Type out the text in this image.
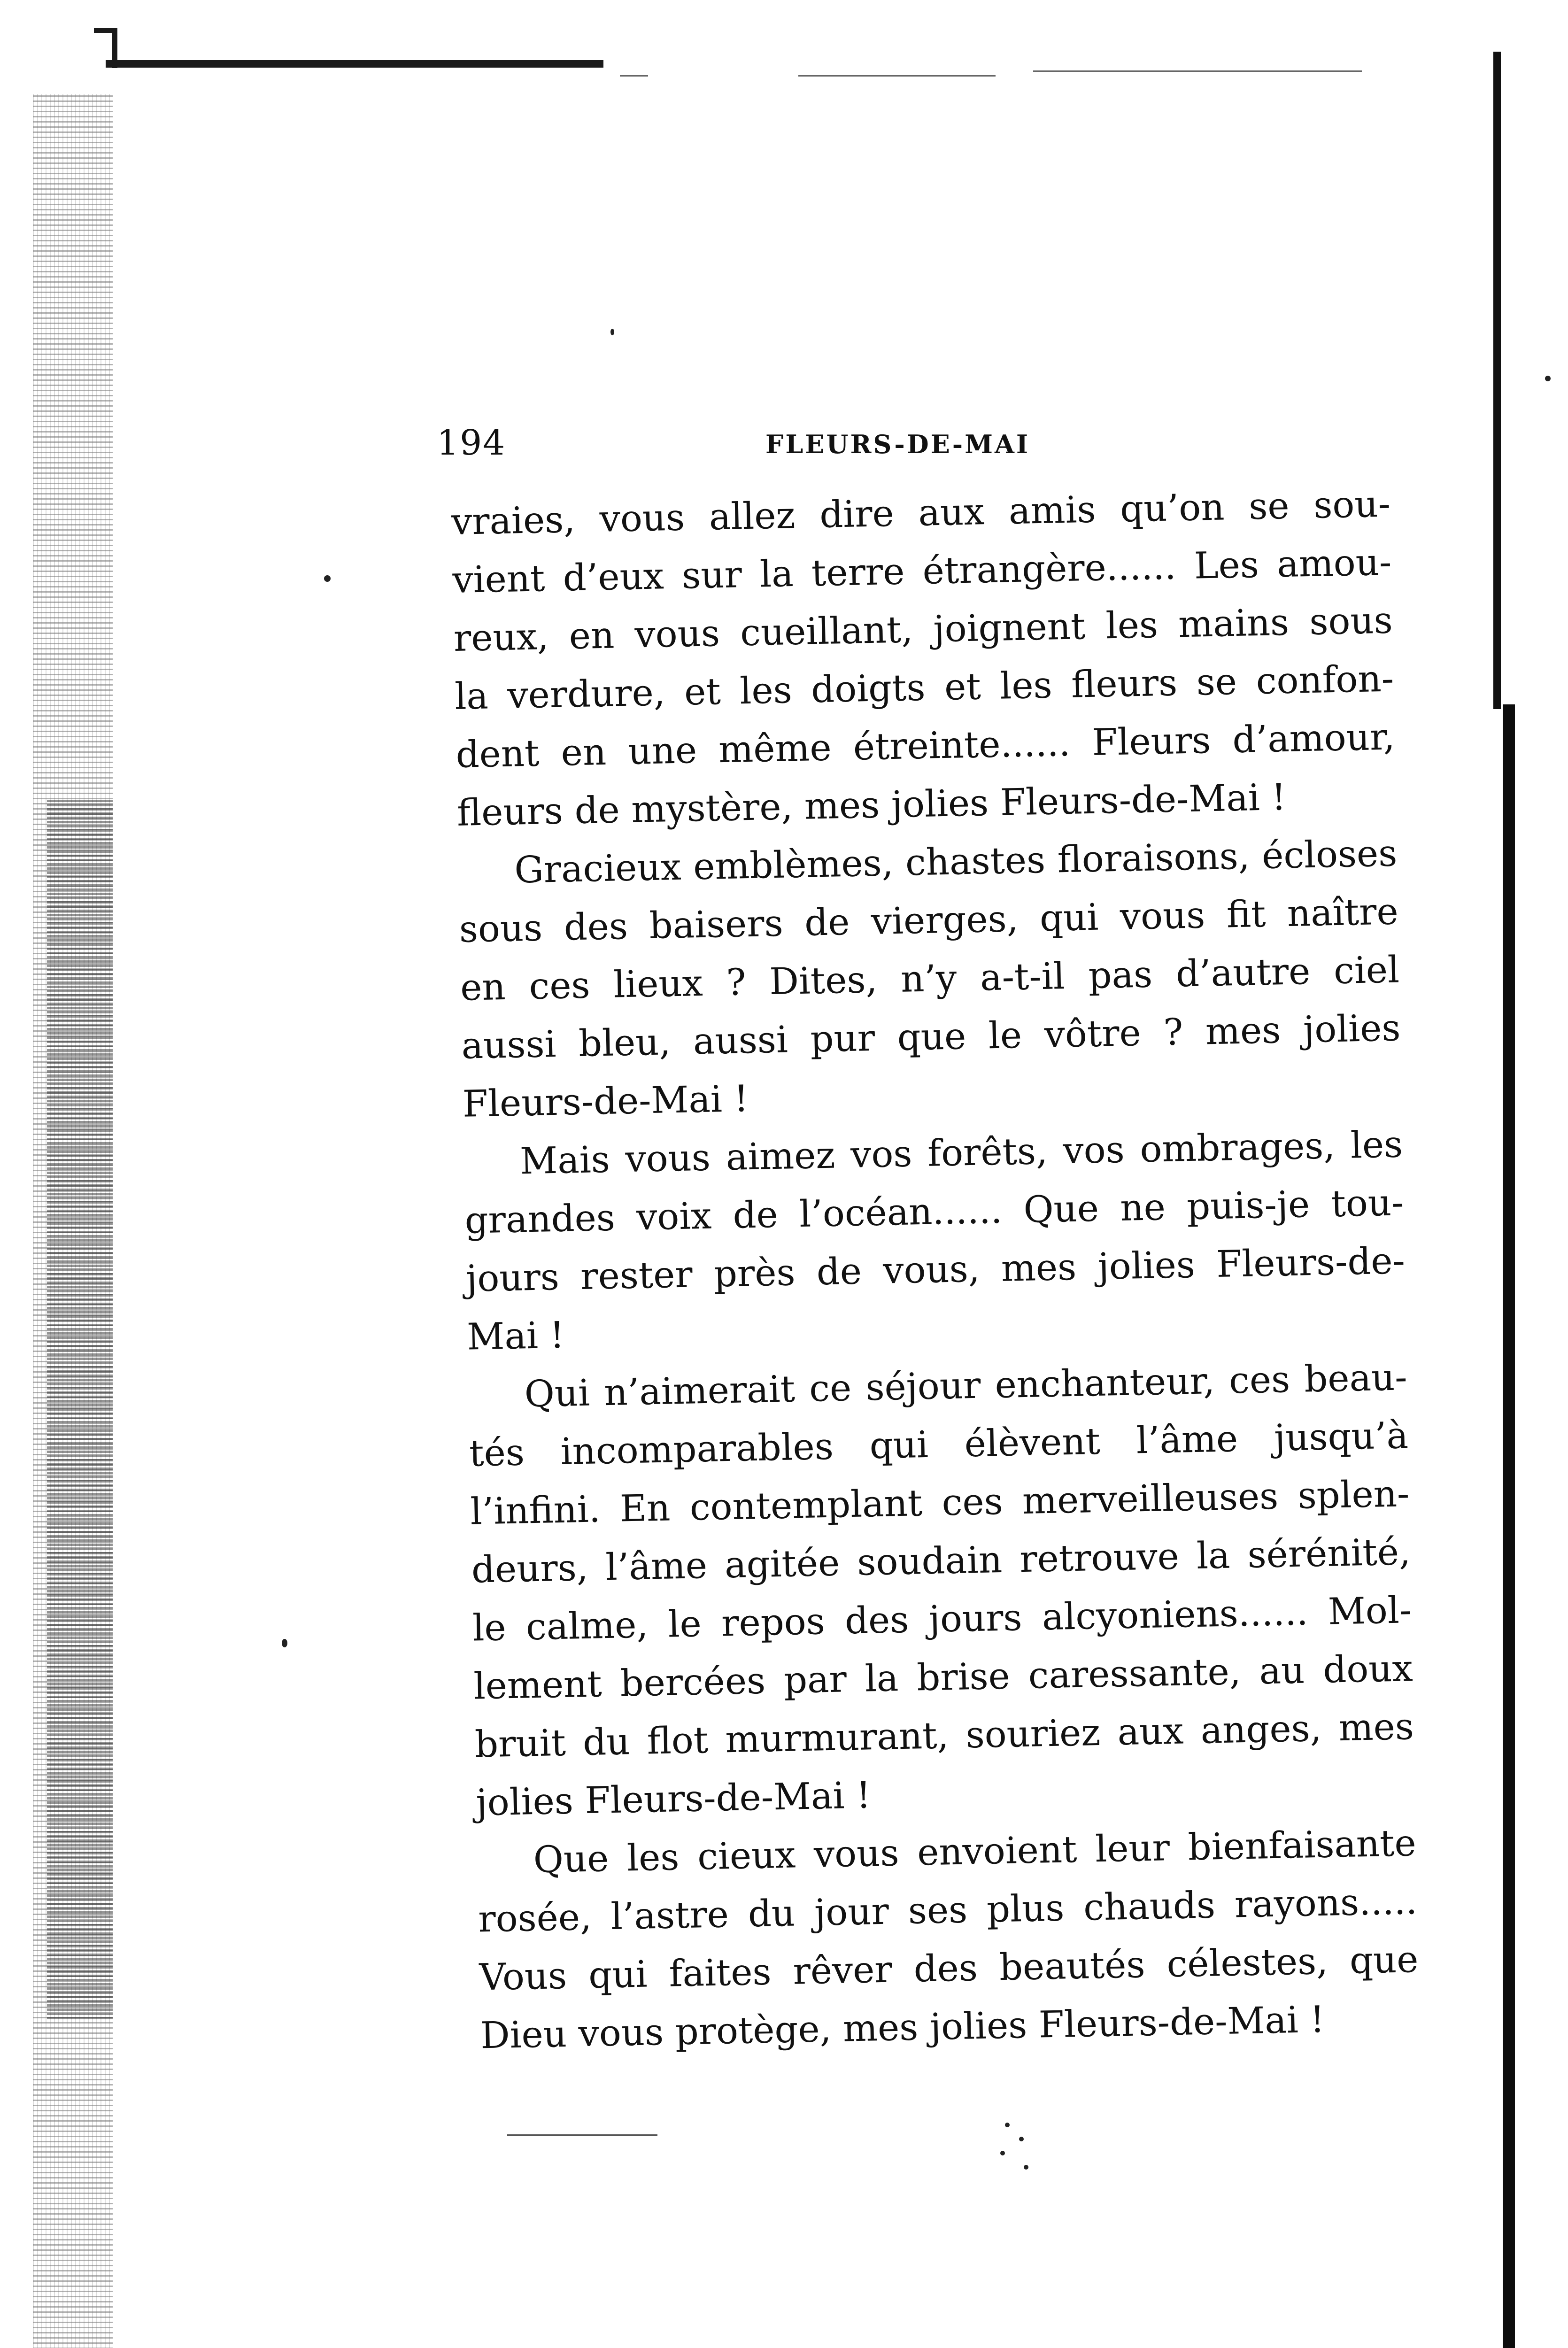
194	FLEURS-DE-MAI
vraies, vous allez dire aux amis qu’on se sou-
vient d’eux sur la terre étrangère...... Les amou-
reux, en vous cueillant, joignent les mains sous
la verdure, et les doigts et les fleurs se confon-
dent en une même étreinte...... Fleurs d’amour,
fleurs de mystère, mes jolies Fleurs-de-Mai !
Gracieux emblèmes, chastes floraisons, écloses
sous des baisers de vierges, qui vous fit naître
en ces lieux ? Dites, n’y a-t-il pas d’autre ciel
aussi bleu, aussi pur que le vôtre ? mes jolies
Fleurs-de-Mai !
Mais vous aimez vos forêts, vos ombrages, les
grandes voix de l’océan...... Que ne puis-je tou-
jours rester près de vous, mes jolies Fleurs-de-
Mai !
Qui n’aimerait ce séjour enchanteur, ces beau-
tés incomparables qui élèvent l’âme jusqu’à
l’infini. En contemplant ces merveilleuses splen-
deurs, l’âme agitée soudain retrouve la sérénité,
le calme, le repos des jours alcyoniens...... Mol-
lement bercées par la brise caressante, au doux
bruit du flot murmurant, souriez aux anges, mes
jolies Fleurs-de-Mai !
Que les cieux vous envoient leur bienfaisante
rosée, l’astre du jour ses plus chauds rayons.....
Vous qui faites rêver des beautés célestes, que
Dieu vous protège, mes jolies Fleurs-de-Mai !
